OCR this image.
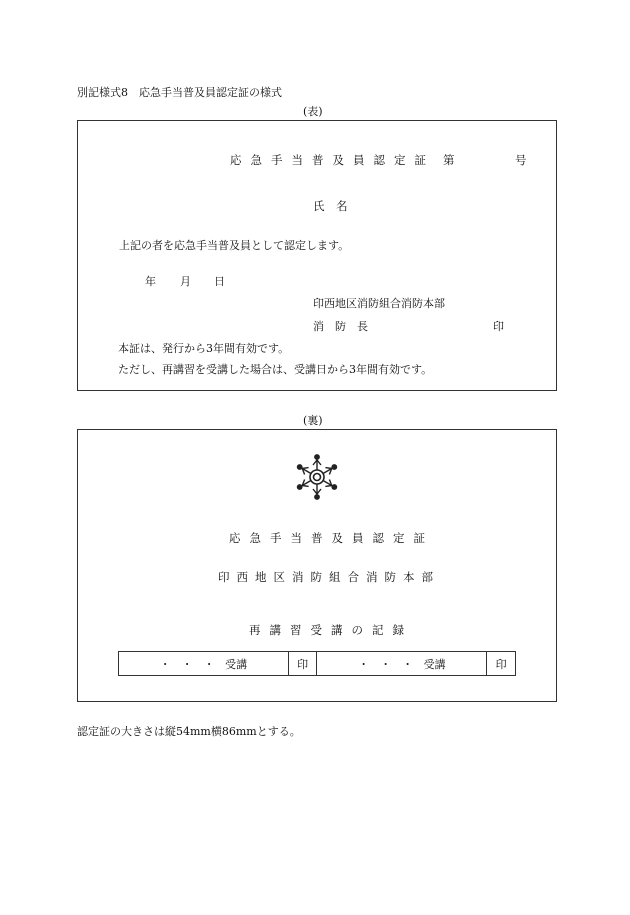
別記様式8　応急手当普及員認定証の様式
(表)
応急手当普及員認定証 第	号
氏　名
上記の者を応急手当普及員として認定します。
年 月 日
印西地区消防組合消防本部
消　防　長	印
本証は、発行から3年間有効です。
ただし、再講習を受講した場合は、受講日から3年間有効です。
(裏)
応急手当普及員認定証
印西地区消防組合消防本部
再講習受講の記録
・　・　・ 受講	印	・　・　・ 受講	印
認定証の大きさは縦54mm横86mmとする。
